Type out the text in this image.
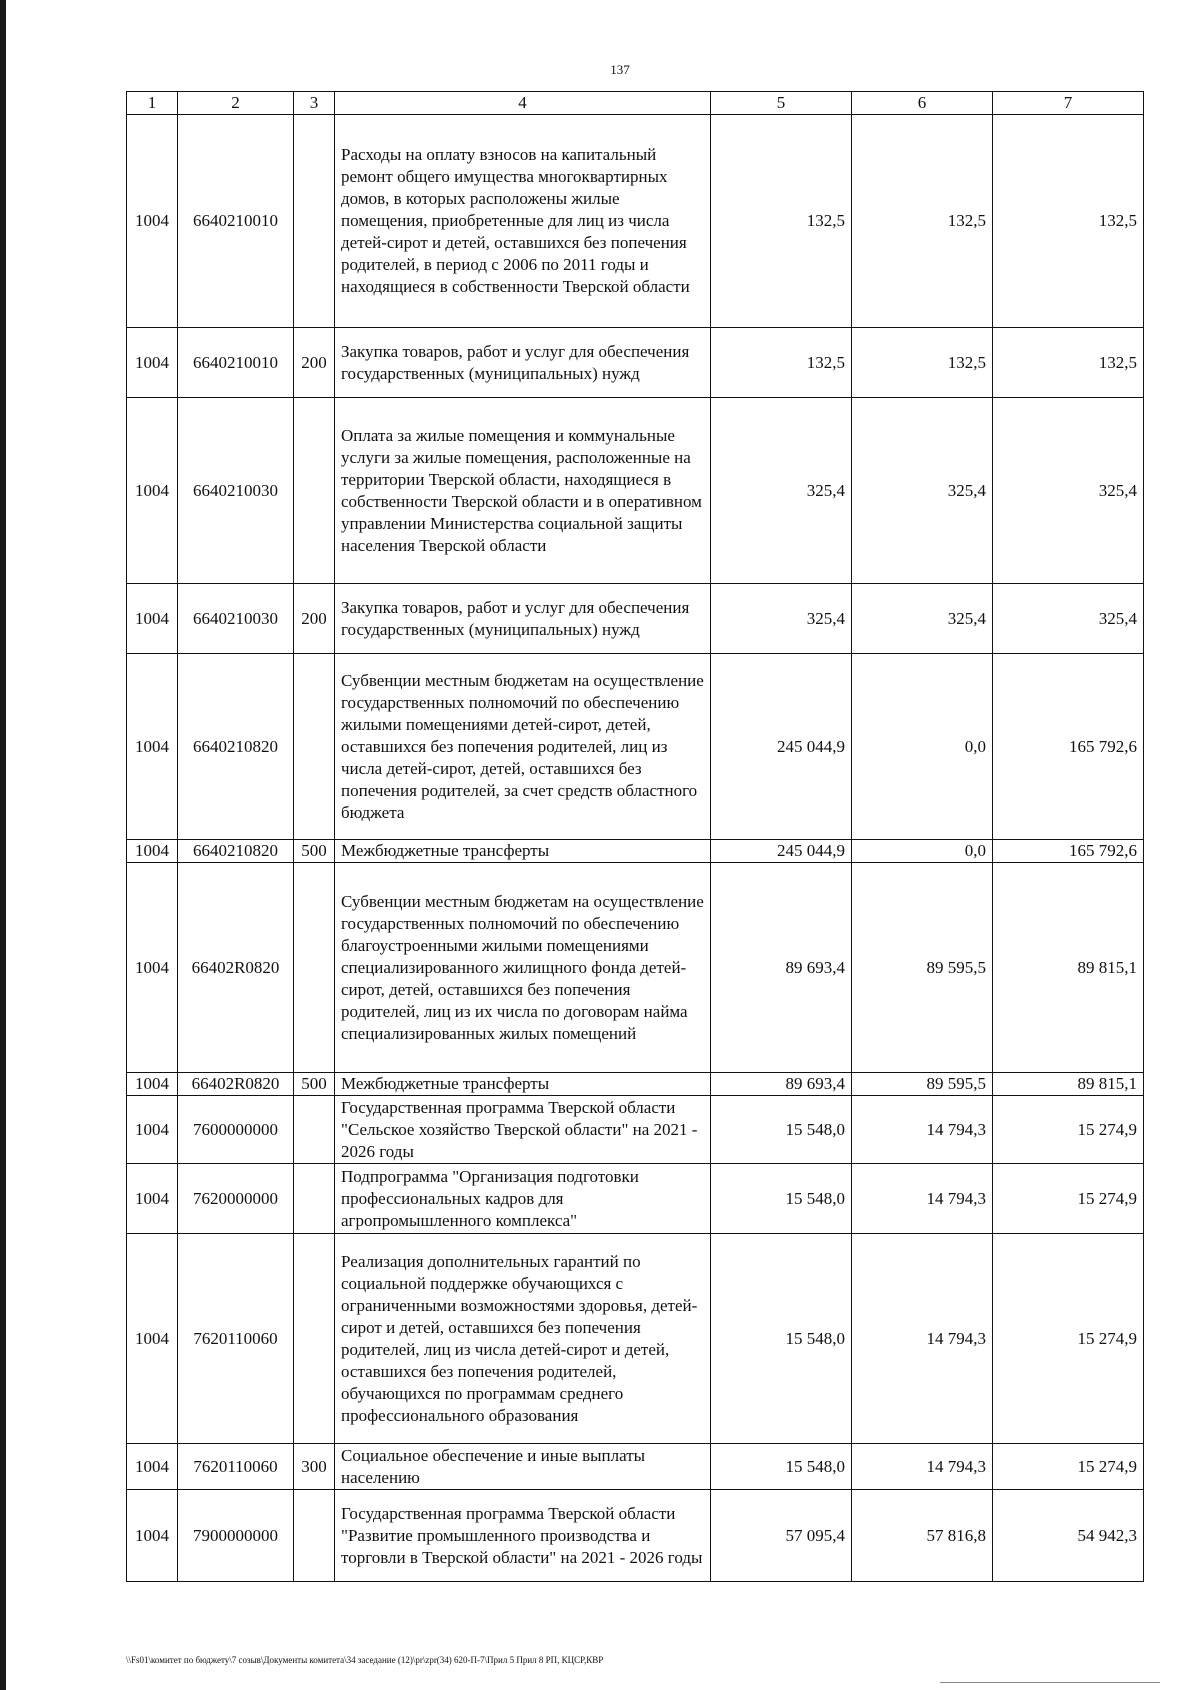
137
1	2	3	4	5	6	7
1004	6640210010		Расходы на оплату взносов на капитальный ремонт общего имущества многоквартирных домов, в которых расположены жилые помещения, приобретенные для лиц из числа детей-сирот и детей, оставшихся без попечения родителей, в период с 2006 по 2011 годы и находящиеся в собственности Тверской области	132,5	132,5	132,5
1004	6640210010	200	Закупка товаров, работ и услуг для обеспечения государственных (муниципальных) нужд	132,5	132,5	132,5
1004	6640210030		Оплата за жилые помещения и коммунальные услуги за жилые помещения, расположенные на территории Тверской области, находящиеся в собственности Тверской области и в оперативном управлении Министерства социальной защиты населения Тверской области	325,4	325,4	325,4
1004	6640210030	200	Закупка товаров, работ и услуг для обеспечения государственных (муниципальных) нужд	325,4	325,4	325,4
1004	6640210820		Субвенции местным бюджетам на осуществление государственных полномочий по обеспечению жилыми помещениями детей-сирот, детей, оставшихся без попечения родителей, лиц из числа детей-сирот, детей, оставшихся без попечения родителей, за счет средств областного бюджета	245 044,9	0,0	165 792,6
1004	6640210820	500	Межбюджетные трансферты	245 044,9	0,0	165 792,6
1004	66402R0820		Субвенции местным бюджетам на осуществление государственных полномочий по обеспечению благоустроенными жилыми помещениями специализированного жилищного фонда детей-сирот, детей, оставшихся без попечения родителей, лиц из их числа по договорам найма специализированных жилых помещений	89 693,4	89 595,5	89 815,1
1004	66402R0820	500	Межбюджетные трансферты	89 693,4	89 595,5	89 815,1
1004	7600000000		Государственная программа Тверской области "Сельское хозяйство Тверской области" на 2021 - 2026 годы	15 548,0	14 794,3	15 274,9
1004	7620000000		Подпрограмма "Организация подготовки профессиональных кадров для агропромышленного комплекса"	15 548,0	14 794,3	15 274,9
1004	7620110060		Реализация дополнительных гарантий по социальной поддержке обучающихся с ограниченными возможностями здоровья, детей-сирот и детей, оставшихся без попечения родителей, лиц из числа детей-сирот и детей, оставшихся без попечения родителей, обучающихся по программам среднего профессионального образования	15 548,0	14 794,3	15 274,9
1004	7620110060	300	Социальное обеспечение и иные выплаты населению	15 548,0	14 794,3	15 274,9
1004	7900000000		Государственная программа Тверской области "Развитие промышленного производства и торговли в Тверской области" на 2021 - 2026 годы	57 095,4	57 816,8	54 942,3
\\Fs01\комитет по бюджету\7 созыв\Документы комитета\34 заседание (12)\pr\zpr(34) 620-П-7\Прил 5 Прил 8 РП, КЦСР,КВР
